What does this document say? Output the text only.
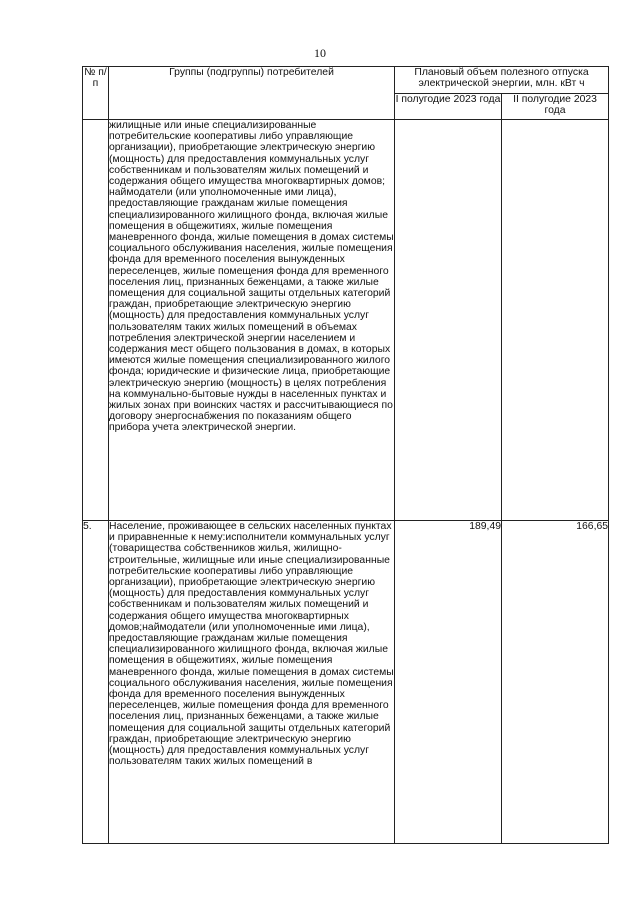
10
№ п/п	Группы (подгруппы) потребителей	Плановый объем полезного отпуска электрической энергии, млн. кВт ч	
		I полугодие 2023 года	II полугодие 2023 года

	жилищные или иные специализированные потребительские кооперативы либо управляющие организации), приобретающие электрическую энергию (мощность) для предоставления коммунальных услуг собственникам и пользователям жилых помещений и содержания общего имущества многоквартирных домов; наймодатели (или уполномоченные ими лица), предоставляющие гражданам жилые помещения специализированного жилищного фонда, включая жилые помещения в общежитиях, жилые помещения маневренного фонда, жилые помещения в домах системы социального обслуживания населения, жилые помещения фонда для временного поселения вынужденных переселенцев, жилые помещения фонда для временного поселения лиц, признанных беженцами, а также жилые помещения для социальной защиты отдельных категорий граждан, приобретающие электрическую энергию (мощность) для предоставления коммунальных услуг пользователям таких жилых помещений в объемах потребления электрической энергии населением и содержания мест общего пользования в домах, в которых имеются жилые помещения специализированного жилого фонда; юридические и физические лица, приобретающие электрическую энергию (мощность) в целях потребления на коммунально-бытовые нужды в населенных пунктах и жилых зонах при воинских частях и рассчитывающиеся по договору энергоснабжения по показаниям общего прибора учета электрической энергии.		

5.	Население, проживающее в сельских населенных пунктах и приравненные к нему:исполнители коммунальных услуг (товарищества собственников жилья, жилищно-строительные, жилищные или иные специализированные потребительские кооперативы либо управляющие организации), приобретающие электрическую энергию (мощность) для предоставления коммунальных услуг собственникам и пользователям жилых помещений и содержания общего имущества многоквартирных домов;наймодатели (или уполномоченные ими лица), предоставляющие гражданам жилые помещения специализированного жилищного фонда, включая жилые помещения в общежитиях, жилые помещения маневренного фонда, жилые помещения в домах системы социального обслуживания населения, жилые помещения фонда для временного поселения вынужденных переселенцев, жилые помещения фонда для временного поселения лиц, признанных беженцами, а также жилые помещения для социальной защиты отдельных категорий граждан, приобретающие электрическую энергию (мощность) для предоставления коммунальных услуг пользователям таких жилых помещений в	189,49	166,65
